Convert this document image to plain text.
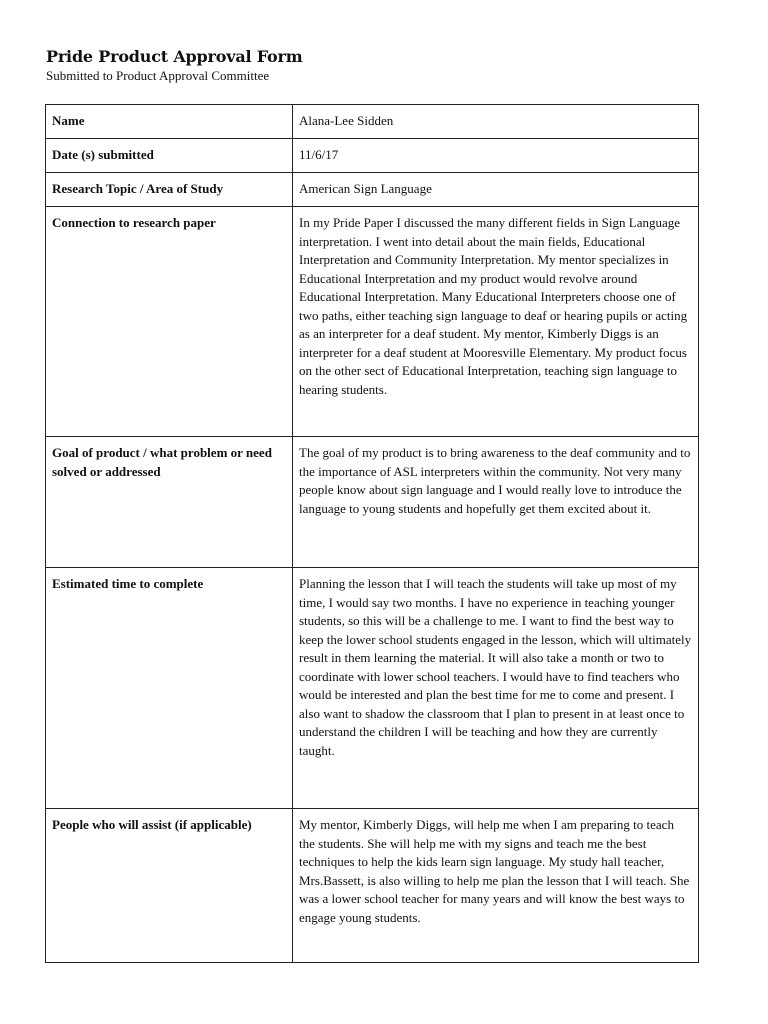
Pride Product Approval Form
Submitted to Product Approval Committee
Name	Alana-Lee Sidden
Date (s) submitted	11/6/17
Research Topic / Area of Study	American Sign Language
Connection to research paper	In my Pride Paper I discussed the many different fields in Sign Language interpretation. I went into detail about the main fields, Educational Interpretation and Community Interpretation. My mentor specializes in Educational Interpretation and my product would revolve around Educational Interpretation. Many Educational Interpreters choose one of two paths, either teaching sign language to deaf or hearing pupils or acting as an interpreter for a deaf student. My mentor, Kimberly Diggs is an interpreter for a deaf student at Mooresville Elementary. My product focus on the other sect of Educational Interpretation, teaching sign language to hearing students.
Goal of product / what problem or need solved or addressed	The goal of my product is to bring awareness to the deaf community and to the importance of ASL interpreters within the community. Not very many people know about sign language and I would really love to introduce the language to young students and hopefully get them excited about it.
Estimated time to complete	Planning the lesson that I will teach the students will take up most of my time, I would say two months. I have no experience in teaching younger students, so this will be a challenge to me. I want to find the best way to keep the lower school students engaged in the lesson, which will ultimately result in them learning the material. It will also take a month or two to coordinate with lower school teachers. I would have to find teachers who would be interested and plan the best time for me to come and present. I also want to shadow the classroom that I plan to present in at least once to understand the children I will be teaching and how they are currently taught.
People who will assist (if applicable)	My mentor, Kimberly Diggs, will help me when I am preparing to teach the students. She will help me with my signs and teach me the best techniques to help the kids learn sign language. My study hall teacher, Mrs.Bassett, is also willing to help me plan the lesson that I will teach. She was a lower school teacher for many years and will know the best ways to engage young students.
